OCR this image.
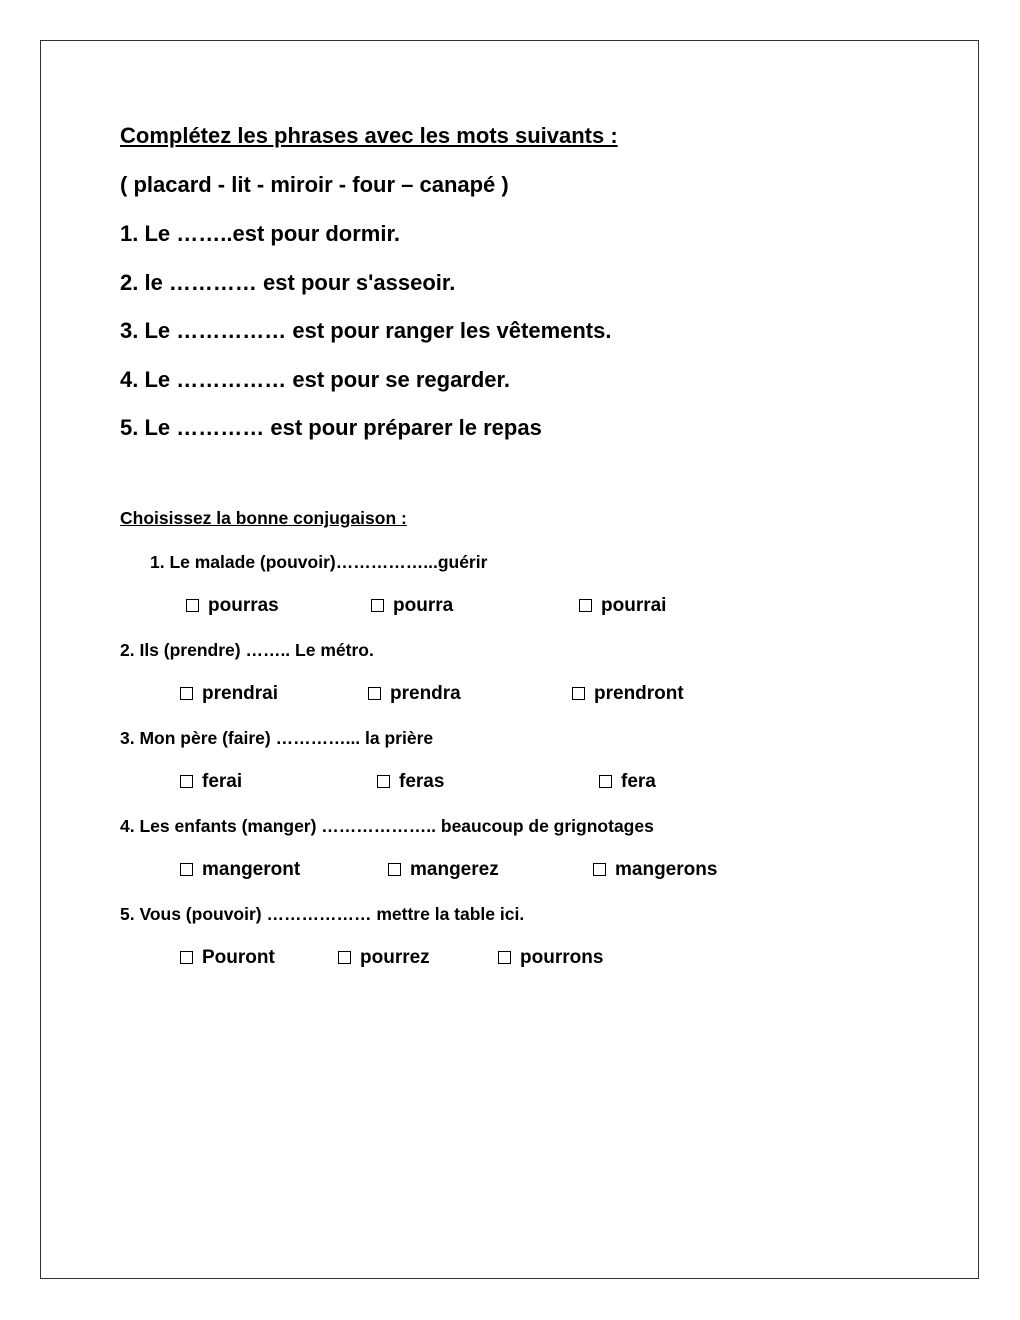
Complétez les phrases avec les mots suivants :
( placard - lit - miroir - four – canapé )
1. Le ……..est pour dormir.
2. le ………… est pour s'asseoir.
3. Le …………… est pour ranger les vêtements.
4. Le …………… est pour se regarder.
5. Le ………… est pour préparer le repas
Choisissez la bonne conjugaison :
1. Le malade (pouvoir)……………...guérir
pourras	pourra	pourrai
2. Ils (prendre) …….. Le métro.
prendrai	prendra	prendront
3. Mon père (faire) …………... la prière
ferai	feras	fera
4. Les enfants (manger) ……………….. beaucoup de grignotages
mangeront	mangerez	mangerons
5. Vous (pouvoir) ……………… mettre la table ici.
Pouront	pourrez	pourrons
